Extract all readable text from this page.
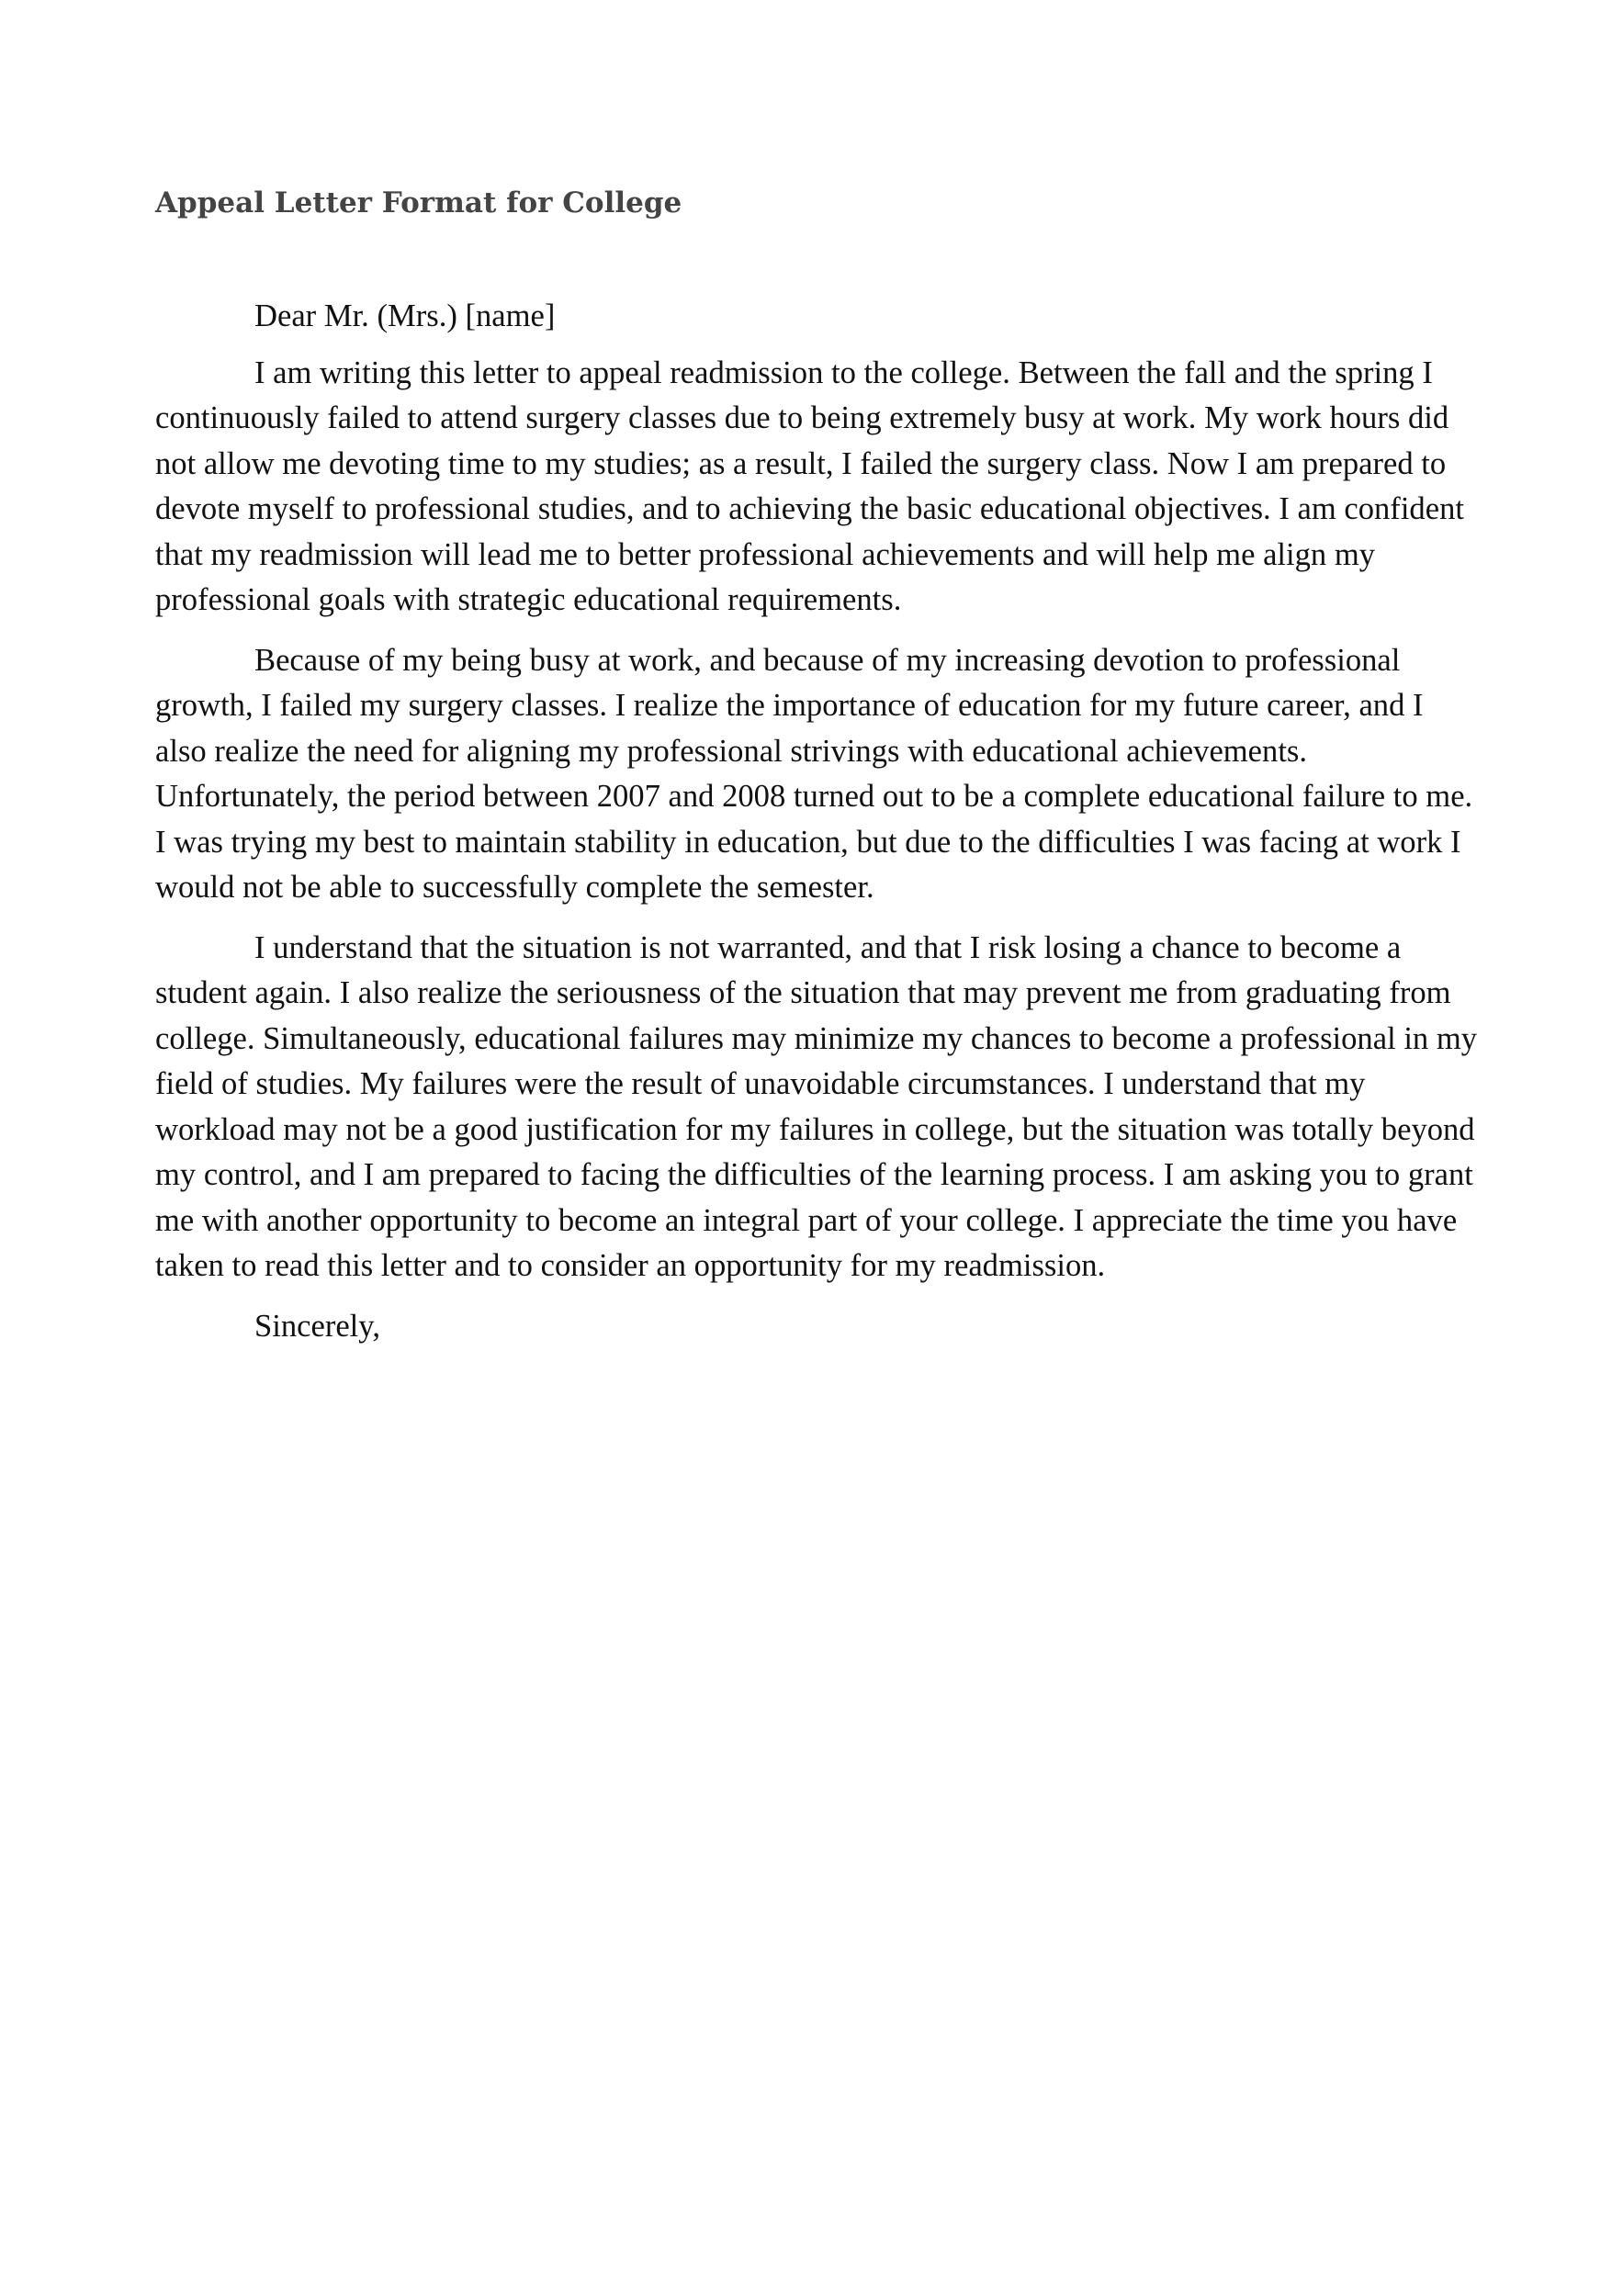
Appeal Letter Format for College

Dear Mr. (Mrs.) [name]

I am writing this letter to appeal readmission to the college. Between the fall and the spring I continuously failed to attend surgery classes due to being extremely busy at work. My work hours did not allow me devoting time to my studies; as a result, I failed the surgery class. Now I am prepared to devote myself to professional studies, and to achieving the basic educational objectives. I am confident that my readmission will lead me to better professional achievements and will help me align my professional goals with strategic educational requirements.

Because of my being busy at work, and because of my increasing devotion to professional growth, I failed my surgery classes. I realize the importance of education for my future career, and I also realize the need for aligning my professional strivings with educational achievements. Unfortunately, the period between 2007 and 2008 turned out to be a complete educational failure to me. I was trying my best to maintain stability in education, but due to the difficulties I was facing at work I would not be able to successfully complete the semester.

I understand that the situation is not warranted, and that I risk losing a chance to become a student again. I also realize the seriousness of the situation that may prevent me from graduating from college. Simultaneously, educational failures may minimize my chances to become a professional in my field of studies. My failures were the result of unavoidable circumstances. I understand that my workload may not be a good justification for my failures in college, but the situation was totally beyond my control, and I am prepared to facing the difficulties of the learning process. I am asking you to grant me with another opportunity to become an integral part of your college. I appreciate the time you have taken to read this letter and to consider an opportunity for my readmission.

Sincerely,
